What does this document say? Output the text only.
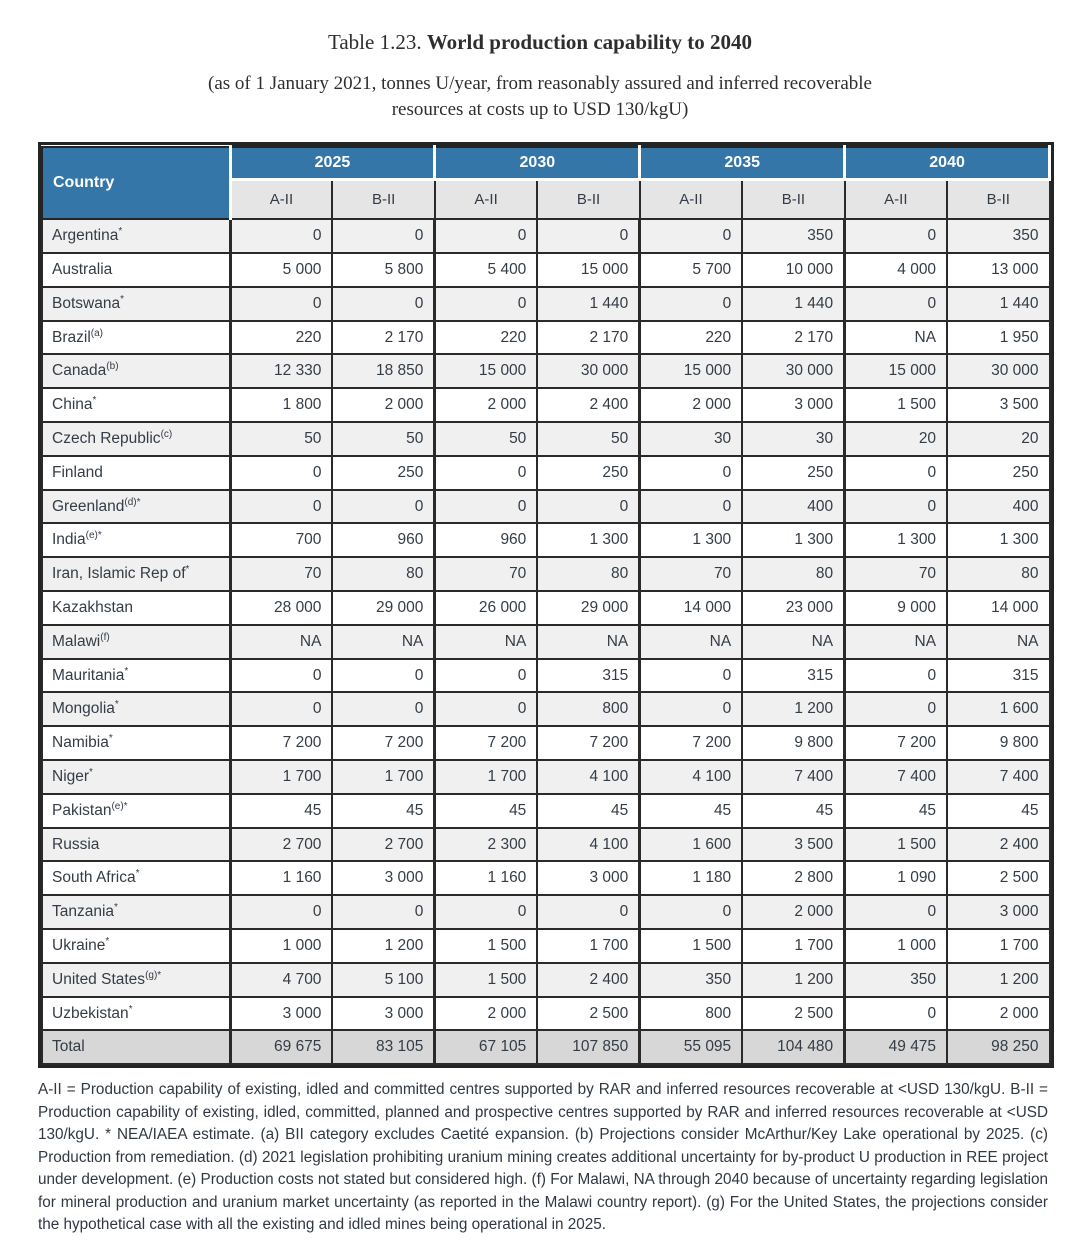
Table 1.23. World production capability to 2040
(as of 1 January 2021, tonnes U/year, from reasonably assured and inferred recoverable resources at costs up to USD 130/kgU)
Country	2025		2030		2035		2040	
	A-II	B-II	A-II	B-II	A-II	B-II	A-II	B-II
Argentina*	0	0	0	0	0	350	0	350
Australia	5 000	5 800	5 400	15 000	5 700	10 000	4 000	13 000
Botswana*	0	0	0	1 440	0	1 440	0	1 440
Brazil$^{(a)}$	220	2 170	220	2 170	220	2 170	NA	1 950
Canada$^{(b)}$	12 330	18 850	15 000	30 000	15 000	30 000	15 000	30 000
China*	1 800	2 000	2 000	2 400	2 000	3 000	1 500	3 500
Czech Republic$^{(c)}$	50	50	50	50	30	30	20	20
Finland	0	250	0	250	0	250	0	250
Greenland$^{(d)*}$	0	0	0	0	0	400	0	400
India$^{(e)*}$	700	960	960	1 300	1 300	1 300	1 300	1 300
Iran, Islamic Rep of*	70	80	70	80	70	80	70	80
Kazakhstan	28 000	29 000	26 000	29 000	14 000	23 000	9 000	14 000
Malawi$^{(f)}$	NA	NA	NA	NA	NA	NA	NA	NA
Mauritania*	0	0	0	315	0	315	0	315
Mongolia*	0	0	0	800	0	1 200	0	1 600
Namibia*	7 200	7 200	7 200	7 200	7 200	9 800	7 200	9 800
Niger*	1 700	1 700	1 700	4 100	4 100	7 400	7 400	7 400
Pakistan$^{(e)*}$	45	45	45	45	45	45	45	45
Russia	2 700	2 700	2 300	4 100	1 600	3 500	1 500	2 400
South Africa*	1 160	3 000	1 160	3 000	1 180	2 800	1 090	2 500
Tanzania*	0	0	0	0	0	2 000	0	3 000
Ukraine*	1 000	1 200	1 500	1 700	1 500	1 700	1 000	1 700
United States$^{(g)*}$	4 700	5 100	1 500	2 400	350	1 200	350	1 200
Uzbekistan*	3 000	3 000	2 000	2 500	800	2 500	0	2 000
Total	69 675	83 105	67 105	107 850	55 095	104 480	49 475	98 250
A-II = Production capability of existing, idled and committed centres supported by RAR and inferred resources recoverable at <USD 130/kgU. B-II = Production capability of existing, idled, committed, planned and prospective centres supported by RAR and inferred resources recoverable at <USD 130/kgU. * NEA/IAEA estimate. (a) BII category excludes Caetité expansion. (b) Projections consider McArthur/Key Lake operational by 2025. (c) Production from remediation. (d) 2021 legislation prohibiting uranium mining creates additional uncertainty for by-product U production in REE project under development. (e) Production costs not stated but considered high. (f) For Malawi, NA through 2040 because of uncertainty regarding legislation for mineral production and uranium market uncertainty (as reported in the Malawi country report). (g) For the United States, the projections consider the hypothetical case with all the existing and idled mines being operational in 2025.
